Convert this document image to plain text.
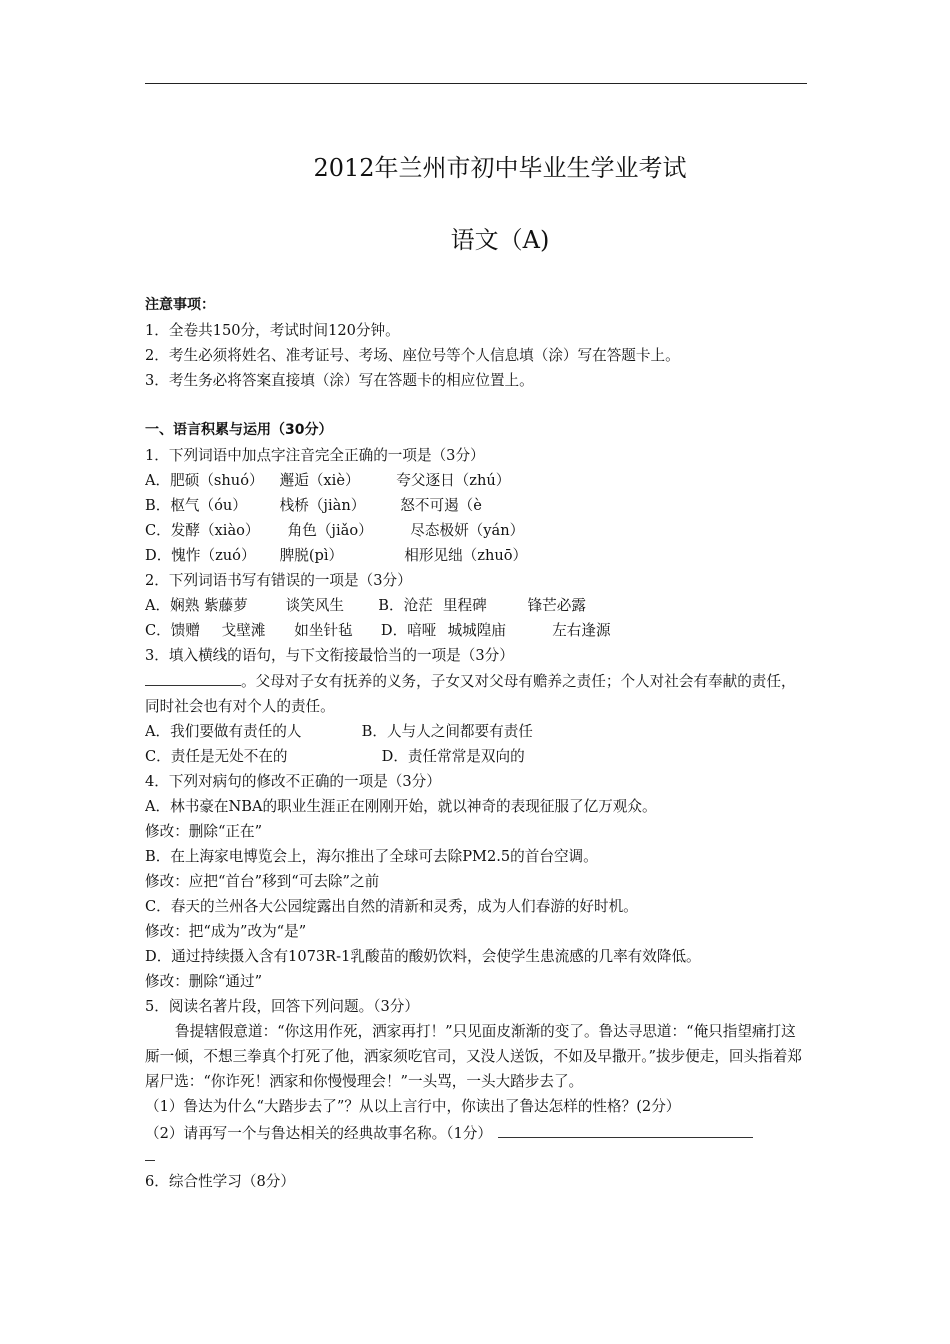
2012年兰州市初中毕业生学业考试
语文（A)
注意事项：
1．全卷共150分，考试时间120分钟。
2．考生必须将姓名、准考证号、考场、座位号等个人信息填（涂）写在答题卡上。
3．考生务必将答案直接填（涂）写在答题卡的相应位置上。
一、语言积累与运用（30分）
1．下列词语中加点字注音完全正确的一项是（3分）
A．肥硕（shuó） 邂逅（xiè）	夸父逐日（zhú）
B．枢气（óu） 栈桥（jiàn） 怒不可遏（è
C．发酵（xiào） 角色（jiǎo）	尽态极妍（yán）
D．愧怍（zuó） 脾脱(pì）	相形见绌（zhuō）
2．下列词语书写有错误的一项是（3分）
A．娴熟 紫藤萝	谈笑风生 B．沧茫 里程碑	锋芒必露
C．馈赠 戈壁滩 如坐针毡 D．喑哑 城城隍庙	左右逢源
3．填入横线的语句，与下文衔接最恰当的一项是（3分）
。父母对子女有抚养的义务，子女又对父母有赡养之责任；个人对社会有奉献的责任，同时社会也有对个人的责任。
A．我们要做有责任的人	B．人与人之间都要有责任
C．责任是无处不在的	D．责任常常是双向的
4．下列对病句的修改不正确的一项是（3分）
A．林书豪在NBA的职业生涯正在刚刚开始，就以神奇的表现征服了亿万观众。
修改：删除“正在”
B．在上海家电博览会上，海尔推出了全球可去除PM2.5的首台空调。
修改：应把“首台”移到“可去除”之前
C．春天的兰州各大公园绽露出自然的清新和灵秀，成为人们春游的好时机。
修改：把“成为”改为“是”
D．通过持续摄入含有1073R-1乳酸苗的酸奶饮料，会使学生患流感的几率有效降低。
修改：删除“通过”
5．阅读名著片段，回答下列问题。（3分）
鲁提辖假意道：“你这用作死，洒家再打！”只见面皮渐渐的变了。鲁达寻思道：“俺只指望痛打这厮一倾，不想三拳真个打死了他，洒家须吃官司，又没人送饭，不如及早撒开。”拔步便走，回头指着郑屠尸选：“你诈死！洒家和你慢慢理会！”一头骂，一头大踏步去了。
（1）鲁达为什么“大踏步去了”？从以上言行中，你读出了鲁达怎样的性格？(2分）
（2）请再写一个与鲁达相关的经典故事名称。（1分）
6．综合性学习（8分）
